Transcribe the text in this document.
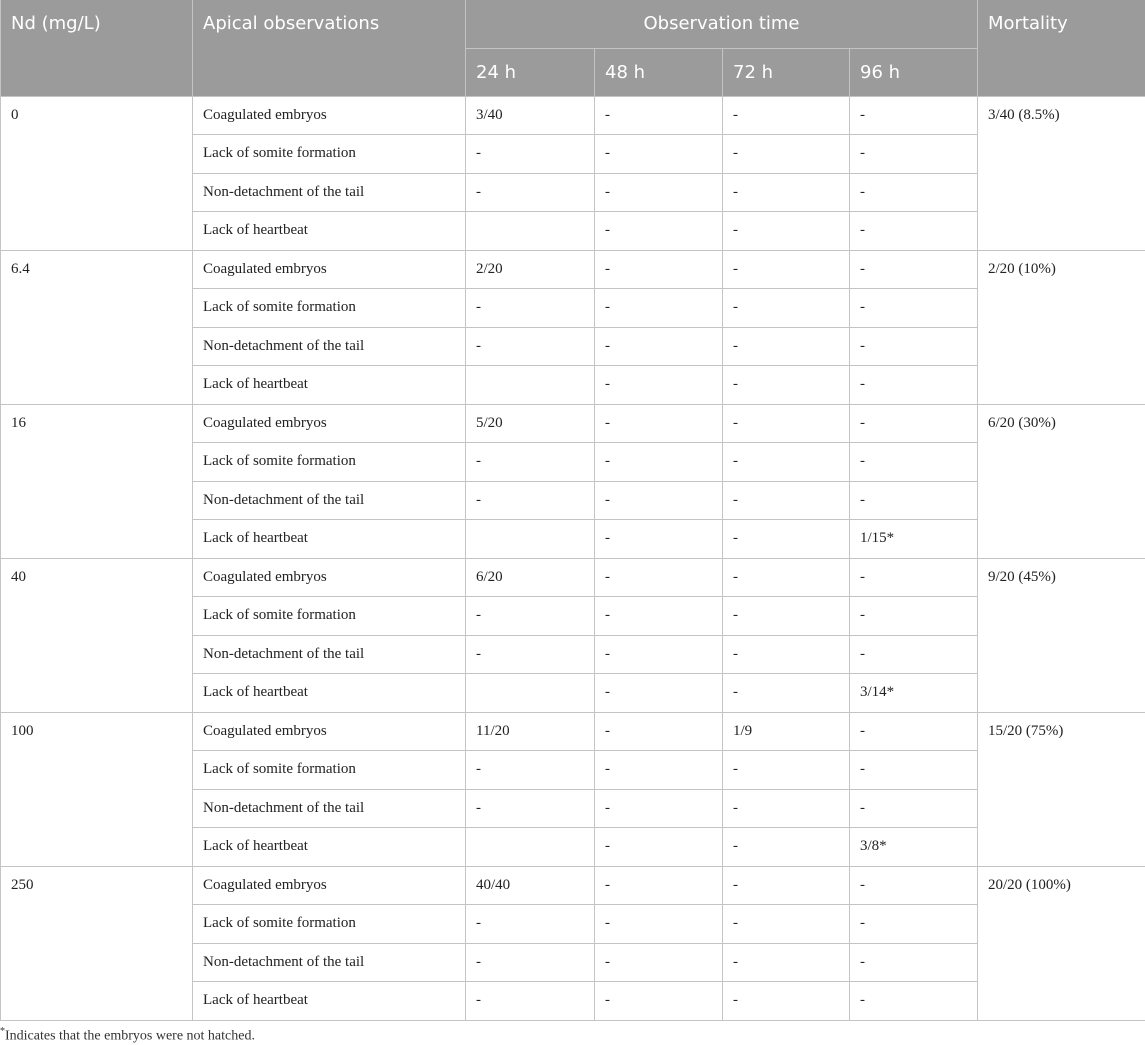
Nd (mg/L)	Apical observations	Observation time				Mortality
		24 h	48 h	72 h	96 h	
0	Coagulated embryos	3/40	-	-	-	3/40 (8.5%)
	Lack of somite formation	-	-	-	-	
	Non-detachment of the tail	-	-	-	-	
	Lack of heartbeat		-	-	-	
6.4	Coagulated embryos	2/20	-	-	-	2/20 (10%)
	Lack of somite formation	-	-	-	-	
	Non-detachment of the tail	-	-	-	-	
	Lack of heartbeat		-	-	-	
16	Coagulated embryos	5/20	-	-	-	6/20 (30%)
	Lack of somite formation	-	-	-	-	
	Non-detachment of the tail	-	-	-	-	
	Lack of heartbeat		-	-	1/15*	
40	Coagulated embryos	6/20	-	-	-	9/20 (45%)
	Lack of somite formation	-	-	-	-	
	Non-detachment of the tail	-	-	-	-	
	Lack of heartbeat		-	-	3/14*	
100	Coagulated embryos	11/20	-	1/9	-	15/20 (75%)
	Lack of somite formation	-	-	-	-	
	Non-detachment of the tail	-	-	-	-	
	Lack of heartbeat		-	-	3/8*	
250	Coagulated embryos	40/40	-	-	-	20/20 (100%)
	Lack of somite formation	-	-	-	-	
	Non-detachment of the tail	-	-	-	-	
	Lack of heartbeat	-	-	-	-	
*Indicates that the embryos were not hatched.
